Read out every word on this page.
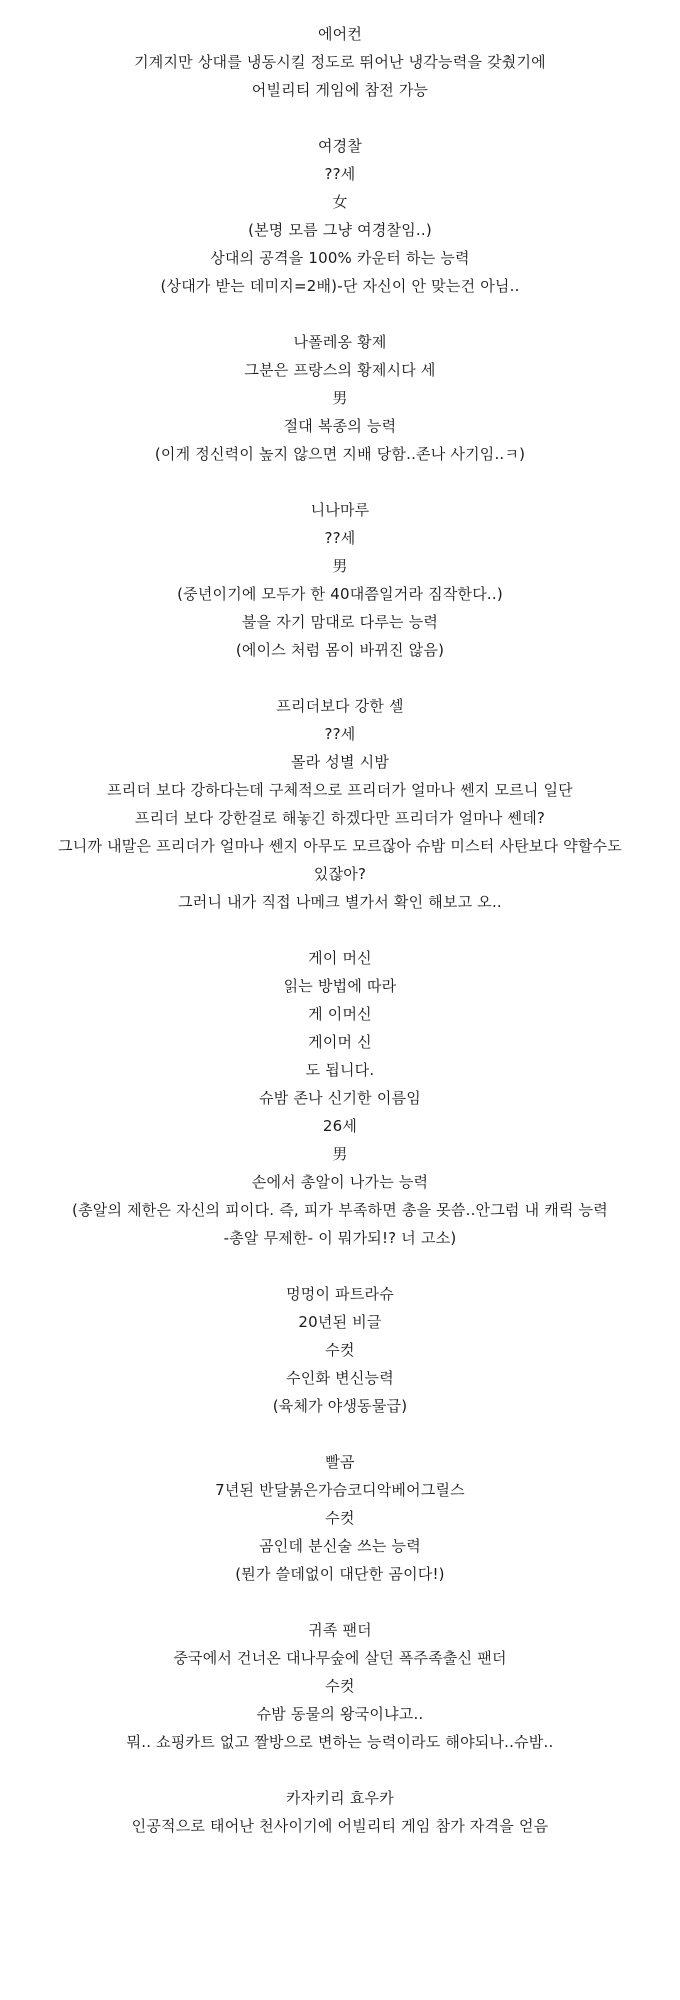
에어컨
기계지만 상대를 냉동시킬 정도로 뛰어난 냉각능력을 갖췄기에
어빌리티 게임에 참전 가능
여경찰
??세
女
(본명 모름 그냥 여경찰임..)
상대의 공격을 100% 카운터 하는 능력
(상대가 받는 데미지=2배)-단 자신이 안 맞는건 아님..
나폴레옹 황제
그분은 프랑스의 황제시다 세
男
절대 복종의 능력
(이게 정신력이 높지 않으면 지배 당함..존나 사기임..ㅋ)
니나마루
??세
男
(중년이기에 모두가 한 40대쯤일거라 짐작한다..)
불을 자기 맘대로 다루는 능력
(에이스 처럼 몸이 바뀌진 않음)
프리더보다 강한 셀
??세
몰라 성별 시밤
프리더 보다 강하다는데 구체적으로 프리더가 얼마나 쎈지 모르니 일단
프리더 보다 강한걸로 해놓긴 하겠다만 프리더가 얼마나 쎈데?
그니까 내말은 프리더가 얼마나 쎈지 아무도 모르잖아 슈밤 미스터 사탄보다 약할수도
있잖아?
그러니 내가 직접 나메크 별가서 확인 해보고 오..
게이 머신
읽는 방법에 따라
게 이머신
게이머 신
도 됩니다.
슈밤 존나 신기한 이름임
26세
男
손에서 총알이 나가는 능력
(총알의 제한은 자신의 피이다. 즉, 피가 부족하면 총을 못씀..안그럼 내 캐릭 능력
-총알 무제한- 이 뭐가되!? 너 고소)
멍멍이 파트라슈
20년된 비글
수컷
수인화 변신능력
(육체가 야생동물급)
빨곰
7년된 반달붉은가슴코디악베어그릴스
수컷
곰인데 분신술 쓰는 능력
(뭔가 쓸데없이 대단한 곰이다!)
귀족 팬더
중국에서 건너온 대나무숲에 살던 폭주족출신 팬더
수컷
슈밤 동물의 왕국이냐고..
뭐.. 쇼핑카트 없고 짤방으로 변하는 능력이라도 해야되나..슈밤..
카자키리 효우카
인공적으로 태어난 천사이기에 어빌리티 게임 참가 자격을 얻음
